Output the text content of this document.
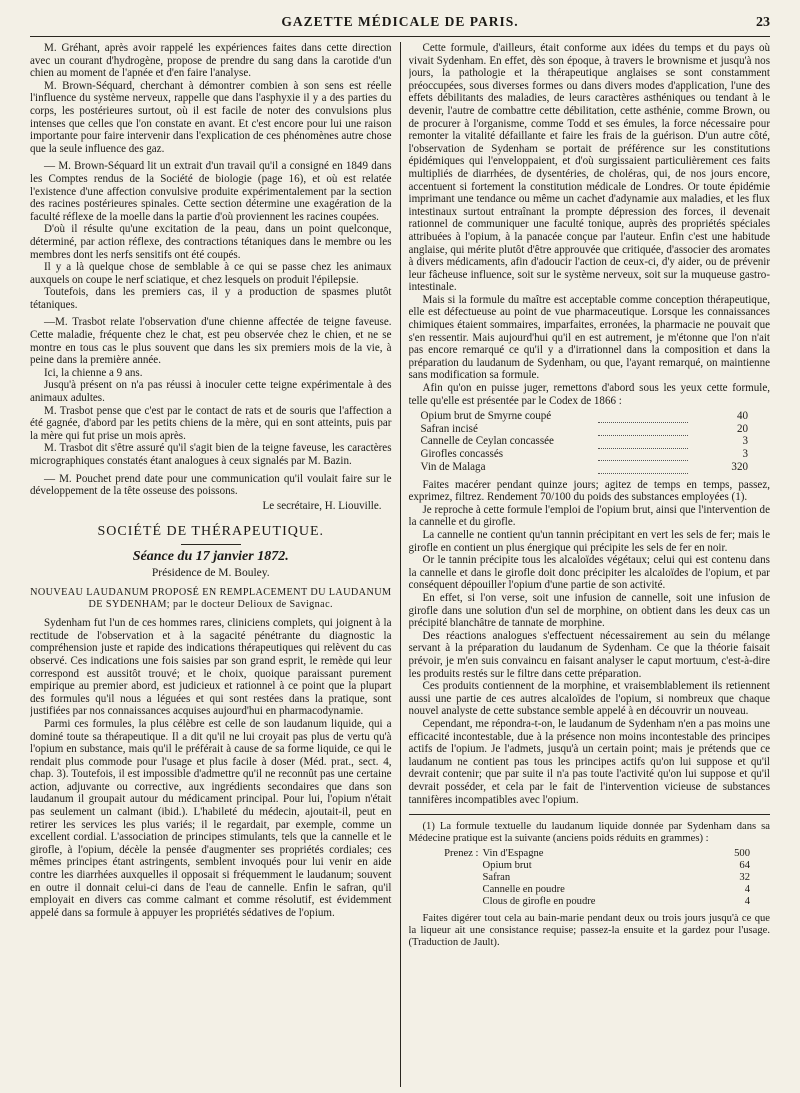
GAZETTE MÉDICALE DE PARIS.	23

M. Gréhant, après avoir rappelé les expériences faites dans cette direction avec un courant d'hydrogène, propose de prendre du sang dans la carotide d'un chien au moment de l'apnée et d'en faire l'analyse.

M. Brown-Séquard, cherchant à démontrer combien à son sens est réelle l'influence du système nerveux, rappelle que dans l'asphyxie il y a des parties du corps, les postérieures surtout, où il est facile de noter des convulsions plus intenses que celles que l'on constate en avant. Et c'est encore pour lui une raison importante pour faire intervenir dans l'explication de ces phénomènes autre chose que la seule influence des gaz.

— M. Brown-Séquard lit un extrait d'un travail qu'il a consigné en 1849 dans les Comptes rendus de la Société de biologie (page 16), et où est relatée l'existence d'une affection convulsive produite expérimentalement par la section des racines postérieures spinales. Cette section détermine une exagération de la faculté réflexe de la moelle dans la partie d'où proviennent les racines coupées.

D'où il résulte qu'une excitation de la peau, dans un point quelconque, déterminé, par action réflexe, des contractions tétaniques dans le membre ou les membres dont les nerfs sensitifs ont été coupés.

Il y a là quelque chose de semblable à ce qui se passe chez les animaux auxquels on coupe le nerf sciatique, et chez lesquels on produit l'épilepsie.

Toutefois, dans les premiers cas, il y a production de spasmes plutôt tétaniques.

—M. Trasbot relate l'observation d'une chienne affectée de teigne faveuse. Cette maladie, fréquente chez le chat, est peu observée chez le chien, et ne se montre en tous cas le plus souvent que dans les six premiers mois de la vie, à peine dans la première année.

Ici, la chienne a 9 ans.

Jusqu'à présent on n'a pas réussi à inoculer cette teigne expérimentale à des animaux adultes.

M. Trasbot pense que c'est par le contact de rats et de souris que l'affection a été gagnée, d'abord par les petits chiens de la mère, qui en sont atteints, puis par la mère qui fut prise un mois après.

M. Trasbot dit s'être assuré qu'il s'agit bien de la teigne faveuse, les caractères micrographiques constatés étant analogues à ceux signalés par M. Bazin.

— M. Pouchet prend date pour une communication qu'il voulait faire sur le développement de la tête osseuse des poissons.

Le secrétaire, H. Liouville.

SOCIÉTÉ DE THÉRAPEUTIQUE.
Séance du 17 janvier 1872.
Présidence de M. Bouley.
NOUVEAU LAUDANUM PROPOSÉ EN REMPLACEMENT DU LAUDANUM DE SYDENHAM; par le docteur Delioux de Savignac.

Sydenham fut l'un de ces hommes rares, cliniciens complets, qui joignent à la rectitude de l'observation et à la sagacité pénétrante du diagnostic la compréhension juste et rapide des indications thérapeutiques qui relèvent du cas observé. Ces indications une fois saisies par son grand esprit, le remède qui leur correspond est aussitôt trouvé; et le choix, quoique paraissant purement empirique au premier abord, est judicieux et rationnel à ce point que la plupart des formules qu'il nous a léguées et qui sont restées dans la pratique, sont justifiées par nos connaissances acquises aujourd'hui en pharmacodynamie.

Parmi ces formules, la plus célèbre est celle de son laudanum liquide, qui a dominé toute sa thérapeutique. Il a dit qu'il ne lui croyait pas plus de vertu qu'à l'opium en substance, mais qu'il le préférait à cause de sa forme liquide, ce qui le rendait plus commode pour l'usage et plus facile à doser (Méd. prat., sect. 4, chap. 3). Toutefois, il est impossible d'admettre qu'il ne reconnût pas une certaine action, adjuvante ou corrective, aux ingrédients secondaires que dans son laudanum il groupait autour du médicament principal. Pour lui, l'opium n'était pas seulement un calmant (ibid.). L'habileté du médecin, ajoutait-il, peut en retirer les services les plus variés; il le regardait, par exemple, comme un excellent cordial. L'association de principes stimulants, tels que la cannelle et le girofle, à l'opium, décèle la pensée d'augmenter ses propriétés cordiales; ces mêmes principes étant astringents, semblent invoqués pour lui venir en aide contre les diarrhées auxquelles il opposait si fréquemment le laudanum; souvent en outre il donnait celui-ci dans de l'eau de cannelle. Enfin le safran, qu'il employait en divers cas comme calmant et comme résolutif, est évidemment appelé dans sa formule à appuyer les propriétés sédatives de l'opium.

Cette formule, d'ailleurs, était conforme aux idées du temps et du pays où vivait Sydenham. En effet, dès son époque, à travers le brownisme et jusqu'à nos jours, la pathologie et la thérapeutique anglaises se sont constamment préoccupées, sous diverses formes ou dans divers modes d'application, l'une des effets débilitants des maladies, de leurs caractères asthéniques ou tendant à le devenir, l'autre de combattre cette débilitation, cette asthénie, comme Brown, ou de procurer à l'organisme, comme Todd et ses émules, la force nécessaire pour remonter la vitalité défaillante et faire les frais de la guérison. D'un autre côté, l'observation de Sydenham se portait de préférence sur les constitutions épidémiques qui l'enveloppaient, et d'où surgissaient particulièrement ces faits multipliés de diarrhées, de dysentéries, de choléras, qui, de nos jours encore, accentuent si fortement la constitution médicale de Londres. Or toute épidémie imprimant une tendance ou même un cachet d'adynamie aux maladies, et les flux intestinaux surtout entraînant la prompte dépression des forces, il devenait rationnel de communiquer une faculté tonique, auprès des propriétés spéciales attribuées à l'opium, à la panacée conçue par l'auteur. Enfin c'est une habitude anglaise, qui mérite plutôt d'être approuvée que critiquée, d'associer des aromates à divers médicaments, afin d'adoucir l'action de ceux-ci, d'y aider, ou de prévenir leur fâcheuse influence, soit sur le système nerveux, soit sur la muqueuse gastro-intestinale.

Mais si la formule du maître est acceptable comme conception thérapeutique, elle est défectueuse au point de vue pharmaceutique. Lorsque les connaissances chimiques étaient sommaires, imparfaites, erronées, la pharmacie ne pouvait que s'en ressentir. Mais aujourd'hui qu'il en est autrement, je m'étonne que l'on n'ait pas encore remarqué ce qu'il y a d'irrationnel dans la composition et dans la préparation du laudanum de Sydenham, ou que, l'ayant remarqué, on maintienne sans modification sa formule.

Afin qu'on en puisse juger, remettons d'abord sous les yeux cette formule, telle qu'elle est présentée par le Codex de 1866 :

Opium brut de Smyrne coupé		40
Safran incisé		20
Cannelle de Ceylan concassée		3
Girofles concassés		3
Vin de Malaga		320

Faites macérer pendant quinze jours; agitez de temps en temps, passez, exprimez, filtrez. Rendement 70/100 du poids des substances employées (1).

Je reproche à cette formule l'emploi de l'opium brut, ainsi que l'intervention de la cannelle et du girofle.

La cannelle ne contient qu'un tannin précipitant en vert les sels de fer; mais le girofle en contient un plus énergique qui précipite les sels de fer en noir.

Or le tannin précipite tous les alcaloïdes végétaux; celui qui est contenu dans la cannelle et dans le girofle doit donc précipiter les alcaloïdes de l'opium, et par conséquent dépouiller l'opium d'une partie de son activité.

En effet, si l'on verse, soit une infusion de cannelle, soit une infusion de girofle dans une solution d'un sel de morphine, on obtient dans les deux cas un précipité blanchâtre de tannate de morphine.

Des réactions analogues s'effectuent nécessairement au sein du mélange servant à la préparation du laudanum de Sydenham. Ce que la théorie faisait prévoir, je m'en suis convaincu en faisant analyser le caput mortuum, c'est-à-dire les produits restés sur le filtre dans cette préparation.

Ces produits contiennent de la morphine, et vraisemblablement ils retiennent aussi une partie de ces autres alcaloïdes de l'opium, si nombreux que chaque nouvel analyste de cette substance semble appelé à en découvrir un nouveau.

Cependant, me répondra-t-on, le laudanum de Sydenham n'en a pas moins une efficacité incontestable, due à la présence non moins incontestable des principes actifs de l'opium. Je l'admets, jusqu'à un certain point; mais je prétends que ce laudanum ne contient pas tous les principes actifs qu'on lui suppose et qu'il devrait contenir; que par suite il n'a pas toute l'activité qu'on lui suppose et qu'il devrait posséder, et cela par le fait de l'intervention vicieuse de substances tannifères incompatibles avec l'opium.

(1) La formule textuelle du laudanum liquide donnée par Sydenham dans sa Médecine pratique est la suivante (anciens poids réduits en grammes) :

Prenez :	Vin d'Espagne	500
	Opium brut	64
	Safran	32
	Cannelle en poudre	4
	Clous de girofle en poudre	4

Faites digérer tout cela au bain-marie pendant deux ou trois jours jusqu'à ce que la liqueur ait une consistance requise; passez-la ensuite et la gardez pour l'usage. (Traduction de Jault).
